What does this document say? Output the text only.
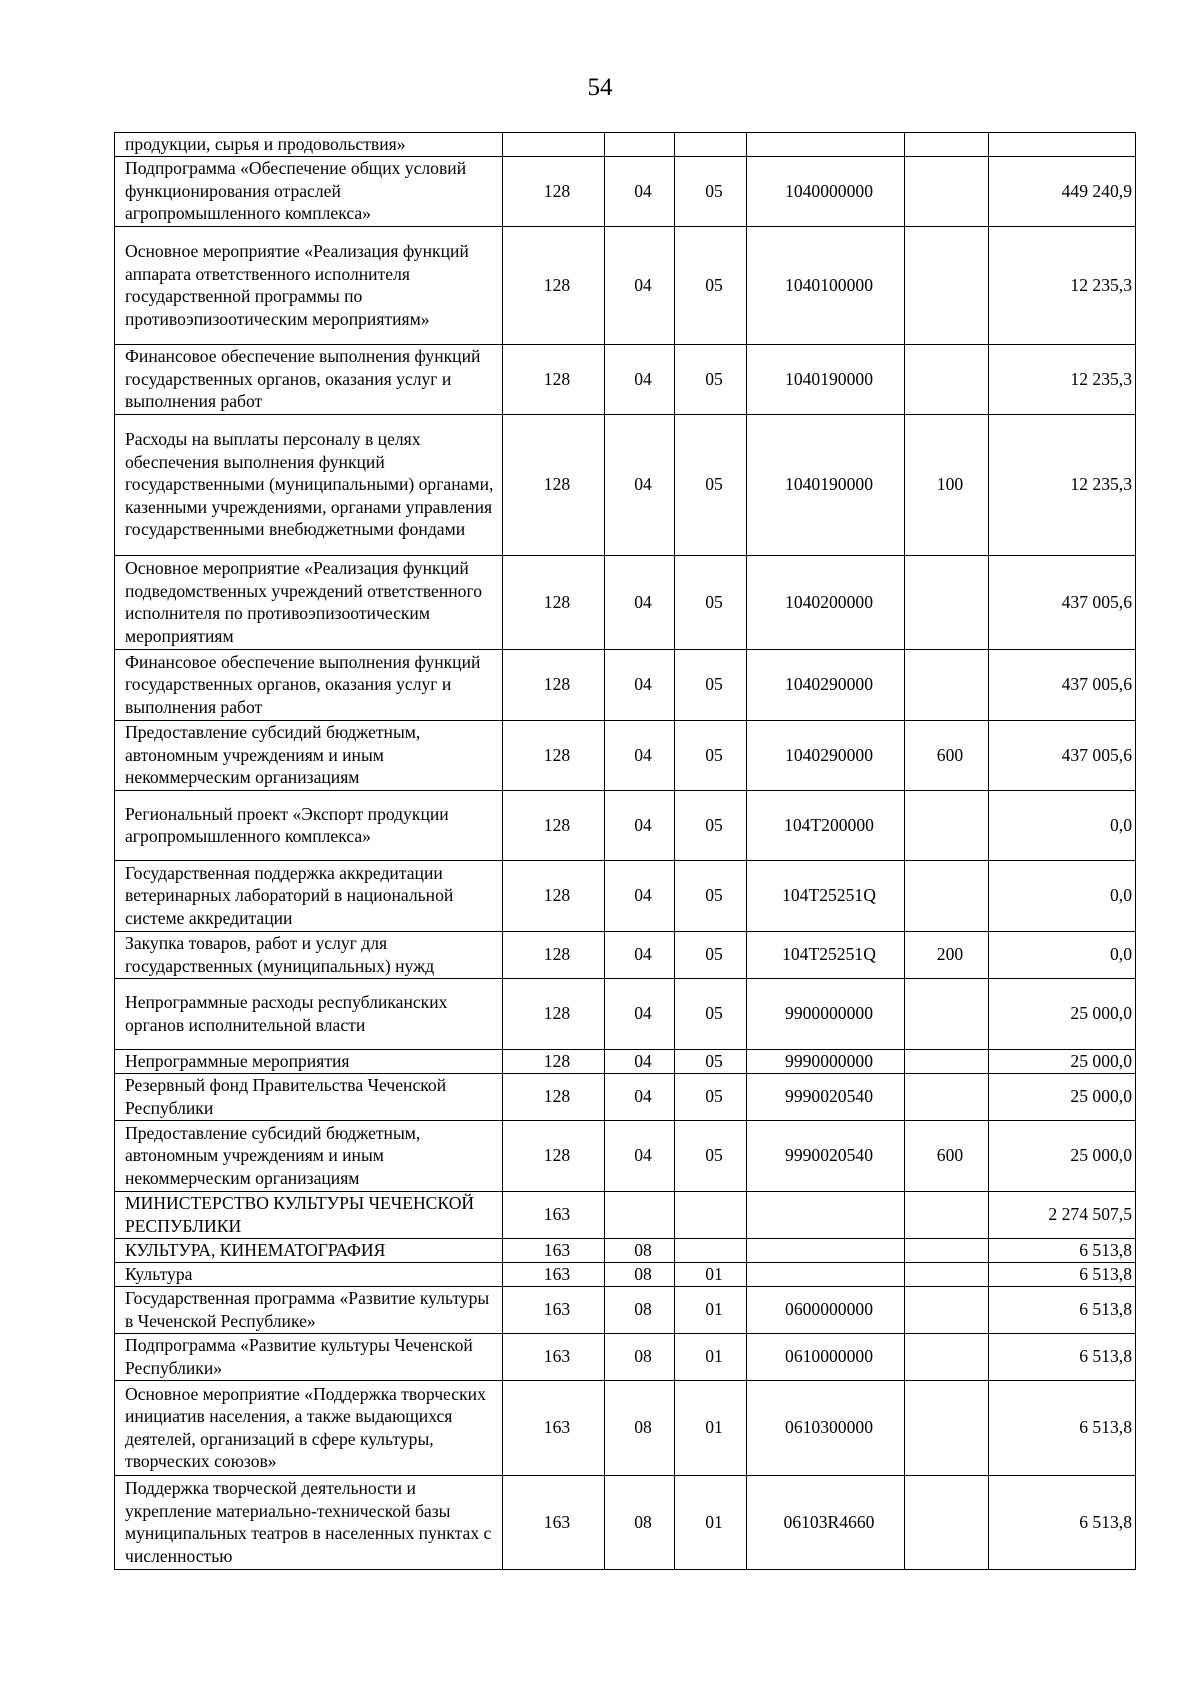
54
продукции, сырья и продовольствия»						
Подпрограмма «Обеспечение общих условий функционирования отраслей агропромышленного комплекса»	128	04	05	1040000000		449 240,9
Основное мероприятие «Реализация функций аппарата ответственного исполнителя государственной программы по противоэпизоотическим мероприятиям»	128	04	05	1040100000		12 235,3
Финансовое обеспечение выполнения функций государственных органов, оказания услуг и выполнения работ	128	04	05	1040190000		12 235,3
Расходы на выплаты персоналу в целях обеспечения выполнения функций государственными (муниципальными) органами, казенными учреждениями, органами управления государственными внебюджетными фондами	128	04	05	1040190000	100	12 235,3
Основное мероприятие «Реализация функций подведомственных учреждений ответственного исполнителя по противоэпизоотическим мероприятиям	128	04	05	1040200000		437 005,6
Финансовое обеспечение выполнения функций государственных органов, оказания услуг и выполнения работ	128	04	05	1040290000		437 005,6
Предоставление субсидий бюджетным, автономным учреждениям и иным некоммерческим организациям	128	04	05	1040290000	600	437 005,6
Региональный проект «Экспорт продукции агропромышленного комплекса»	128	04	05	104T200000		0,0
Государственная поддержка аккредитации ветеринарных лабораторий в национальной системе аккредитации	128	04	05	104T25251Q		0,0
Закупка товаров, работ и услуг для государственных (муниципальных) нужд	128	04	05	104T25251Q	200	0,0
Непрограммные расходы республиканских органов исполнительной власти	128	04	05	9900000000		25 000,0
Непрограммные мероприятия	128	04	05	9990000000		25 000,0
Резервный фонд Правительства Чеченской Республики	128	04	05	9990020540		25 000,0
Предоставление субсидий бюджетным, автономным учреждениям и иным некоммерческим организациям	128	04	05	9990020540	600	25 000,0
МИНИСТЕРСТВО КУЛЬТУРЫ ЧЕЧЕНСКОЙ РЕСПУБЛИКИ	163					2 274 507,5
КУЛЬТУРА, КИНЕМАТОГРАФИЯ	163	08				6 513,8
Культура	163	08	01			6 513,8
Государственная программа «Развитие культуры в Чеченской Республике»	163	08	01	0600000000		6 513,8
Подпрограмма «Развитие культуры Чеченской Республики»	163	08	01	0610000000		6 513,8
Основное мероприятие «Поддержка творческих инициатив населения, а также выдающихся деятелей, организаций в сфере культуры, творческих союзов»	163	08	01	0610300000		6 513,8
Поддержка творческой деятельности и укрепление материально-технической базы муниципальных театров в населенных пунктах с численностью	163	08	01	06103R4660		6 513,8
